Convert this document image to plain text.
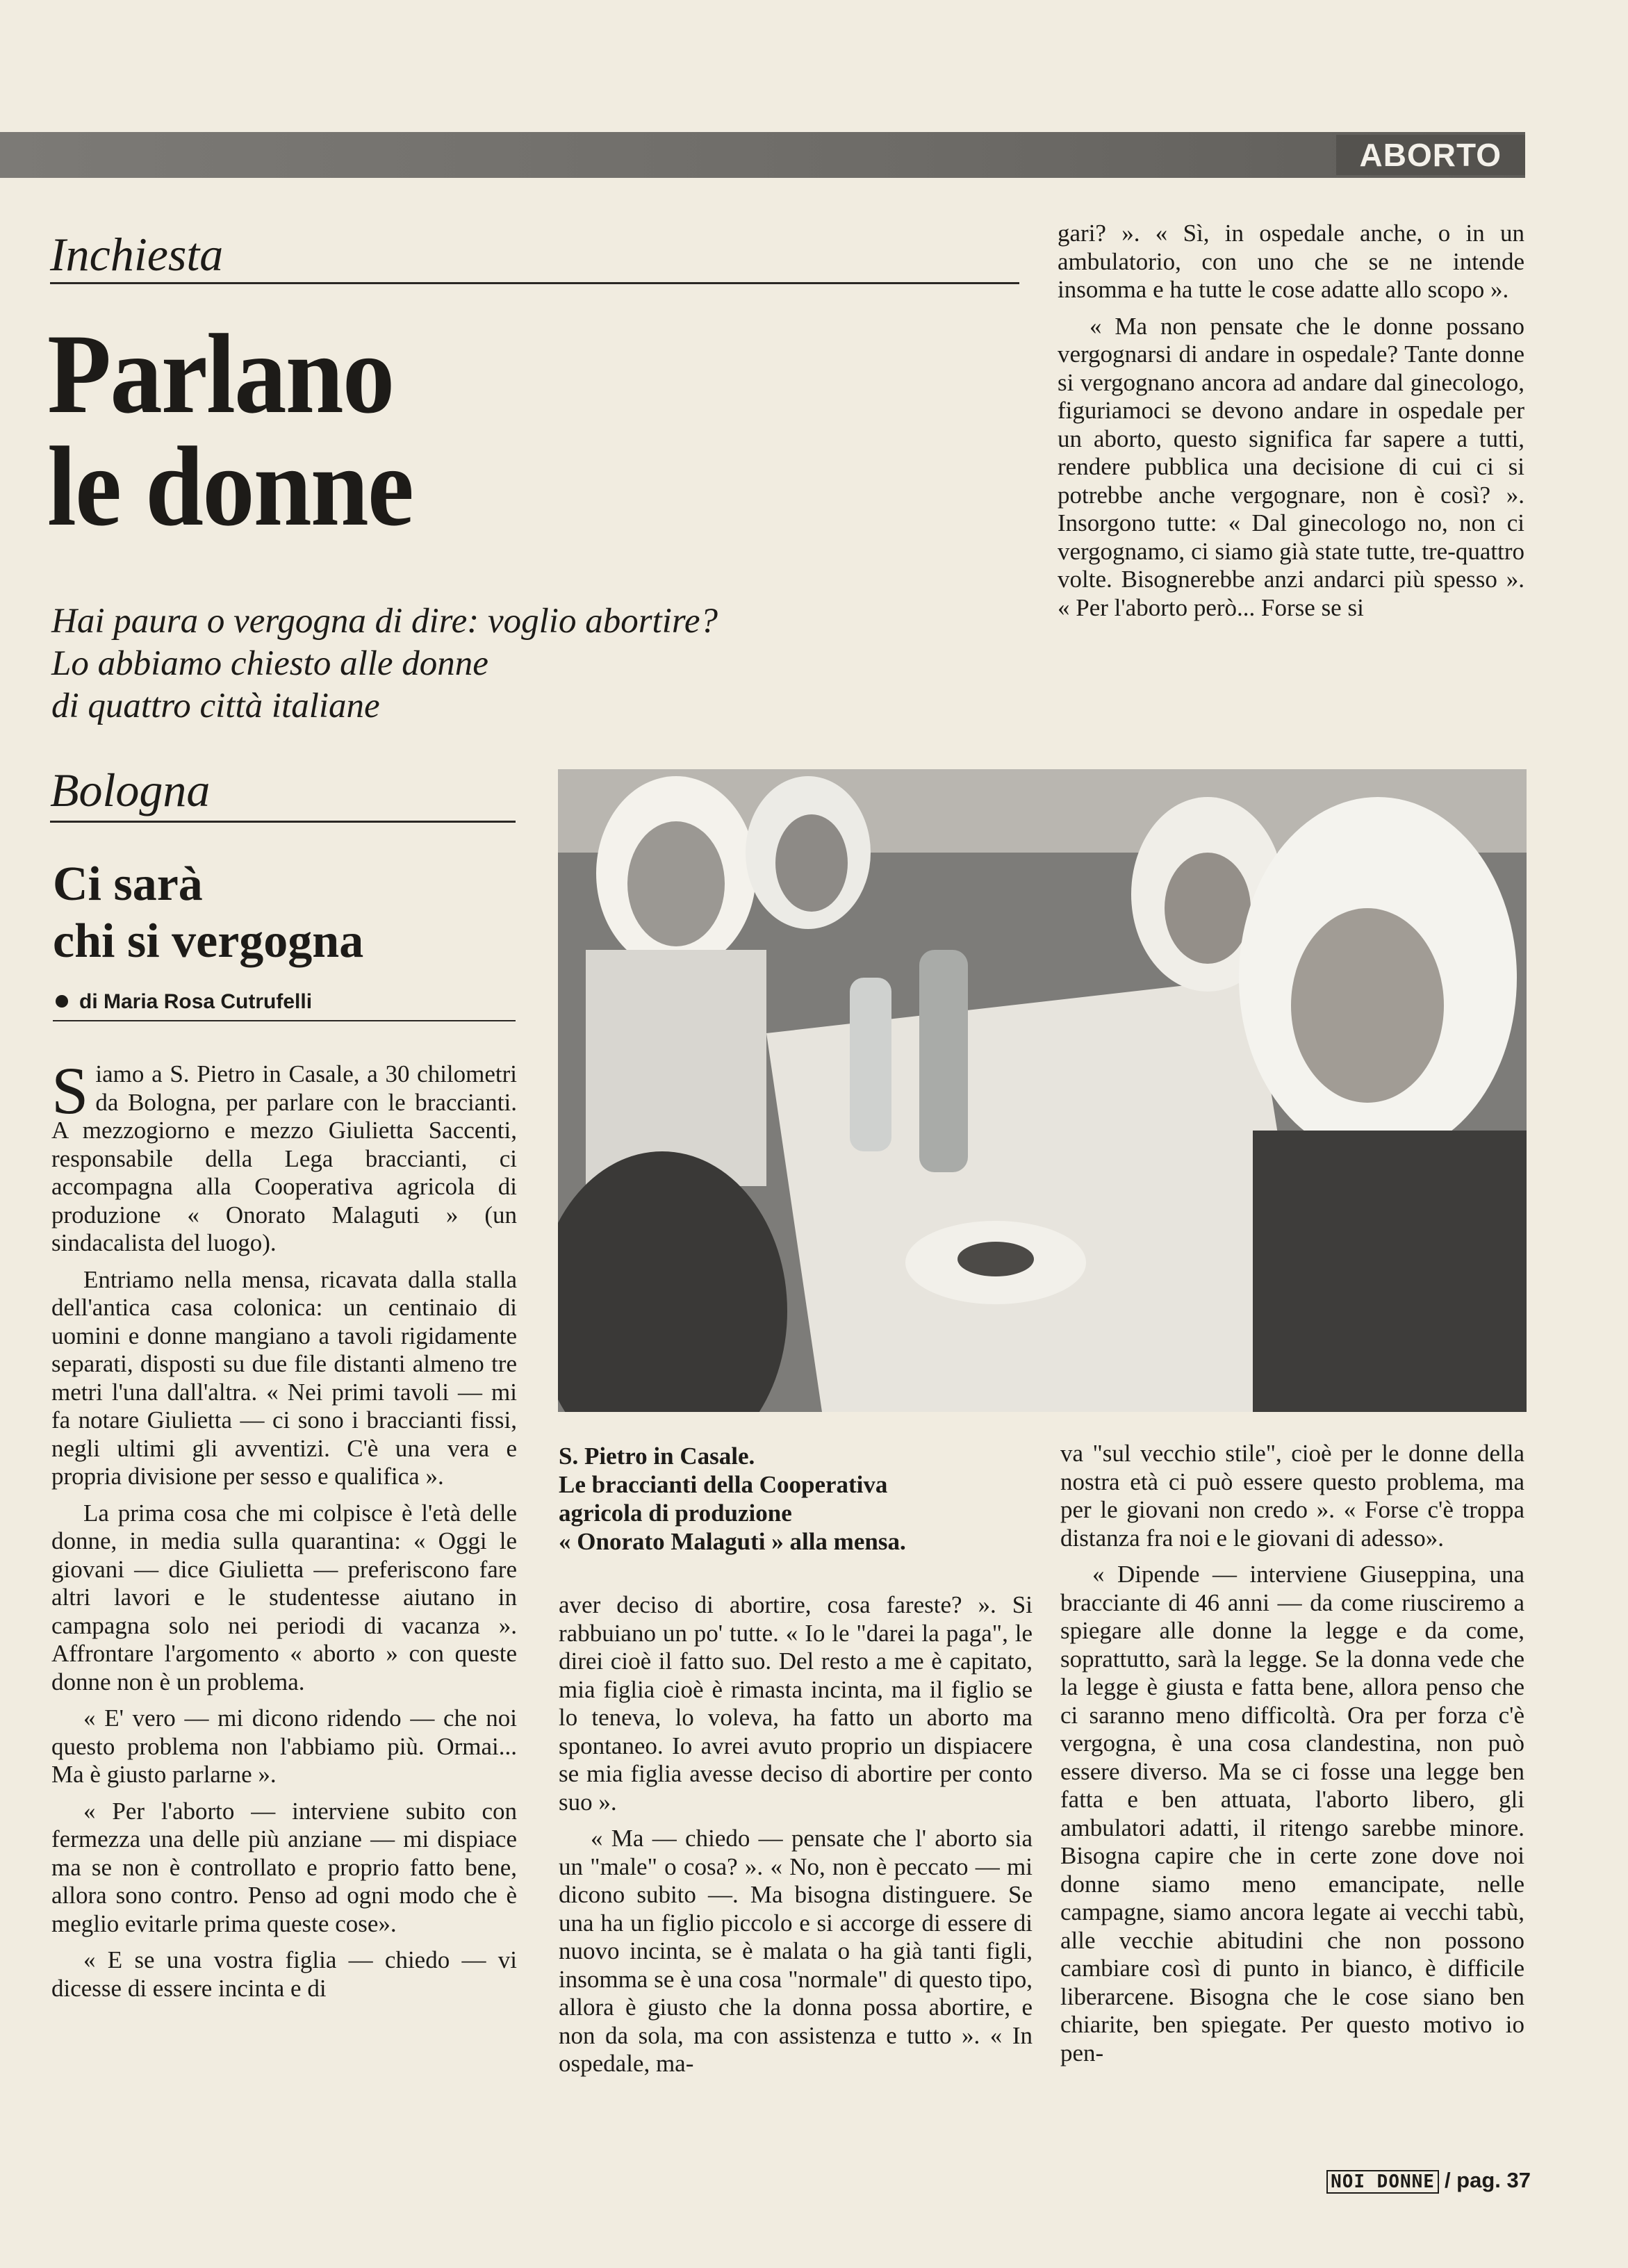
ABORTO
Inchiesta
Parlano
le donne
Hai paura o vergogna di dire: voglio abortire?
Lo abbiamo chiesto alle donne
di quattro città italiane

gari? ». « Sì, in ospedale anche, o in un ambulatorio, con uno che se ne intende insomma e ha tutte le cose adatte allo scopo ».

« Ma non pensate che le donne possano vergognarsi di andare in ospedale? Tante donne si vergognano ancora ad andare dal ginecologo, figuriamoci se devono andare in ospedale per un aborto, questo significa far sapere a tutti, rendere pubblica una decisione di cui ci si potrebbe anche vergognare, non è così? ». Insorgono tutte: « Dal ginecologo no, non ci vergognamo, ci siamo già state tutte, tre-quattro volte. Bisognerebbe anzi andarci più spesso ». « Per l'aborto però... Forse se si

Bologna
Ci sarà
chi si vergogna
di Maria Rosa Cutrufelli

Siamo a S. Pietro in Casale, a 30 chilometri da Bologna, per parlare con le braccianti. A mezzogiorno e mezzo Giulietta Saccenti, responsabile della Lega braccianti, ci accompagna alla Cooperativa agricola di produzione « Onorato Malaguti » (un sindacalista del luogo).

Entriamo nella mensa, ricavata dalla stalla dell'antica casa colonica: un centinaio di uomini e donne mangiano a tavoli rigidamente separati, disposti su due file distanti almeno tre metri l'una dall'altra. « Nei primi tavoli — mi fa notare Giulietta — ci sono i braccianti fissi, negli ultimi gli avventizi. C'è una vera e propria divisione per sesso e qualifica ».

La prima cosa che mi colpisce è l'età delle donne, in media sulla quarantina: « Oggi le giovani — dice Giulietta — preferiscono fare altri lavori e le studentesse aiutano in campagna solo nei periodi di vacanza ». Affrontare l'argomento « aborto » con queste donne non è un problema.

« E' vero — mi dicono ridendo — che noi questo problema non l'abbiamo più. Ormai... Ma è giusto parlarne ».

« Per l'aborto — interviene subito con fermezza una delle più anziane — mi dispiace ma se non è controllato e proprio fatto bene, allora sono contro. Penso ad ogni modo che è meglio evitarle prima queste cose».

« E se una vostra figlia — chiedo — vi dicesse di essere incinta e di

S. Pietro in Casale.
Le braccianti della Cooperativa
agricola di produzione
« Onorato Malaguti » alla mensa.

aver deciso di abortire, cosa fareste? ». Si rabbuiano un po' tutte. « Io le "darei la paga", le direi cioè il fatto suo. Del resto a me è capitato, mia figlia cioè è rimasta incinta, ma il figlio se lo teneva, lo voleva, ha fatto un aborto ma spontaneo. Io avrei avuto proprio un dispiacere se mia figlia avesse deciso di abortire per conto suo ».

« Ma — chiedo — pensate che l' aborto sia un "male" o cosa? ». « No, non è peccato — mi dicono subito —. Ma bisogna distinguere. Se una ha un figlio piccolo e si accorge di essere di nuovo incinta, se è malata o ha già tanti figli, insomma se è una cosa "normale" di questo tipo, allora è giusto che la donna possa abortire, e non da sola, ma con assistenza e tutto ». « In ospedale, ma-

va "sul vecchio stile", cioè per le donne della nostra età ci può essere questo problema, ma per le giovani non credo ». « Forse c'è troppa distanza fra noi e le giovani di adesso».

« Dipende — interviene Giuseppina, una bracciante di 46 anni — da come riusciremo a spiegare alle donne la legge e da come, soprattutto, sarà la legge. Se la donna vede che la legge è giusta e fatta bene, allora penso che ci saranno meno difficoltà. Ora per forza c'è vergogna, è una cosa clandestina, non può essere diverso. Ma se ci fosse una legge ben fatta e ben attuata, l'aborto libero, gli ambulatori adatti, il ritengo sarebbe minore. Bisogna capire che in certe zone dove noi donne siamo meno emancipate, nelle campagne, siamo ancora legate ai vecchi tabù, alle vecchie abitudini che non possono cambiare così di punto in bianco, è difficile liberarcene. Bisogna che le cose siano ben chiarite, ben spiegate. Per questo motivo io pen-

NOI DONNE / pag. 37
